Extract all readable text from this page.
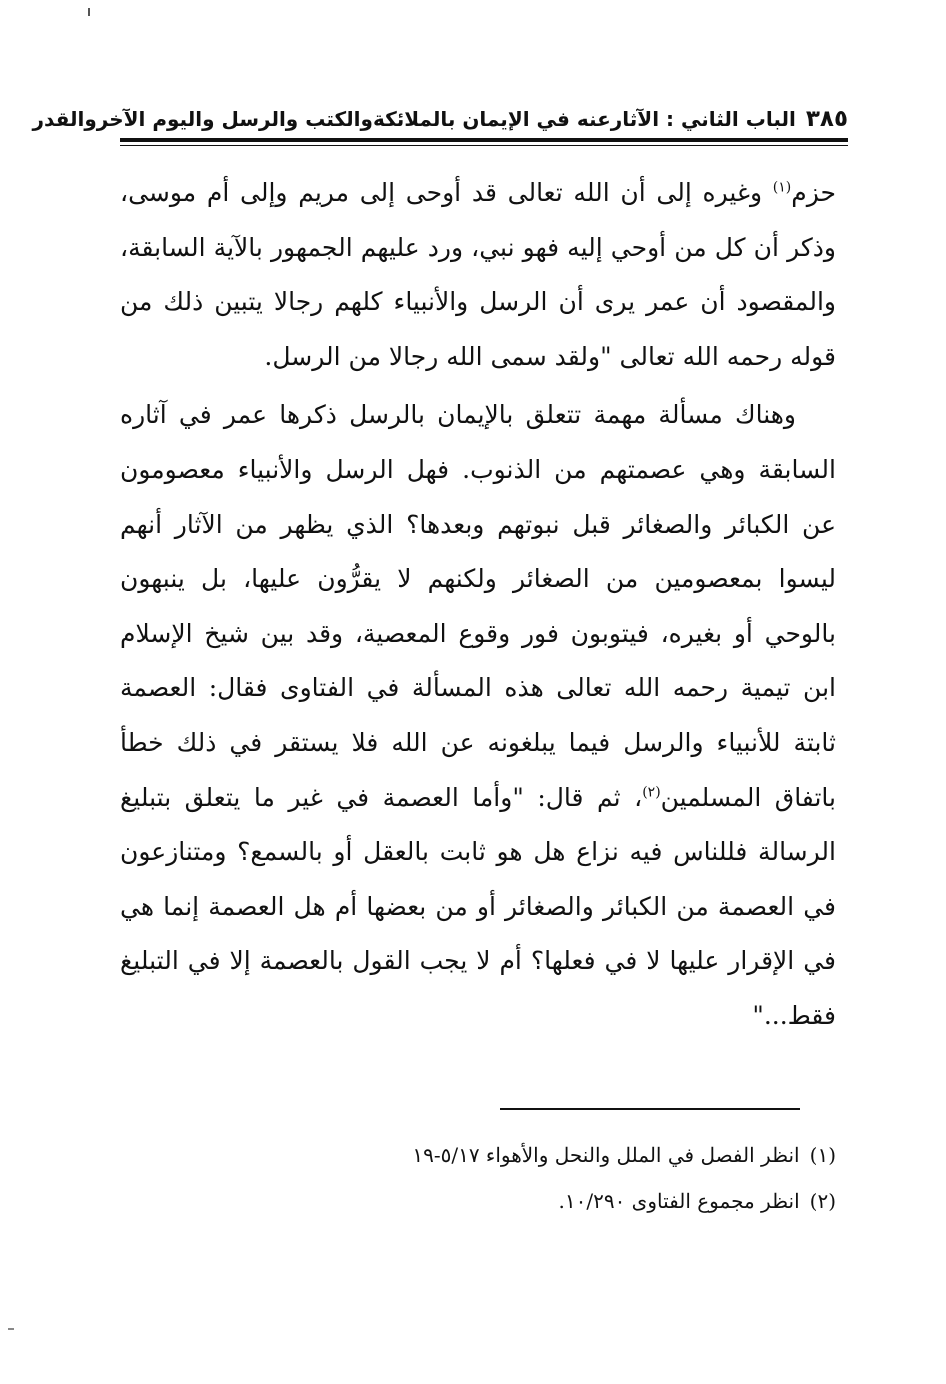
٣٨٥
الباب الثاني : الآثارعنه في الإيمان بالملائكةوالكتب والرسل واليوم الآخروالقدر

حزم$^{(١)}$ وغيره إلى أن الله تعالى قد أوحى إلى مريم وإلى أم موسى، وذكر أن كل من أوحي إليه فهو نبي، ورد عليهم الجمهور بالآية السابقة، والمقصود أن عمر يرى أن الرسل والأنبياء كلهم رجالا يتبين ذلك من قوله رحمه الله تعالى "ولقد سمى الله رجالا من الرسل.

وهناك مسألة مهمة تتعلق بالإيمان بالرسل ذكرها عمر في آثاره السابقة وهي عصمتهم من الذنوب. فهل الرسل والأنبياء معصومون عن الكبائر والصغائر قبل نبوتهم وبعدها؟ الذي يظهر من الآثار أنهم ليسوا بمعصومين من الصغائر ولكنهم لا يقرُّون عليها، بل ينبهون بالوحي أو بغيره، فيتوبون فور وقوع المعصية، وقد بين شيخ الإسلام ابن تيمية رحمه الله تعالى هذه المسألة في الفتاوى فقال: العصمة ثابتة للأنبياء والرسل فيما يبلغونه عن الله فلا يستقر في ذلك خطأ باتفاق المسلمين$^{(٢)}$، ثم قال: "وأما العصمة في غير ما يتعلق بتبليغ الرسالة فللناس فيه نزاع هل هو ثابت بالعقل أو بالسمع؟ ومتنازعون في العصمة من الكبائر والصغائر أو من بعضها أم هل العصمة إنما هي في الإقرار عليها لا في فعلها؟ أم لا يجب القول بالعصمة إلا في التبليغ فقط..."

(١)انظر الفصل في الملل والنحل والأهواء ٥/١٧-١٩
(٢)انظر مجموع الفتاوى ١٠/٢٩٠.
